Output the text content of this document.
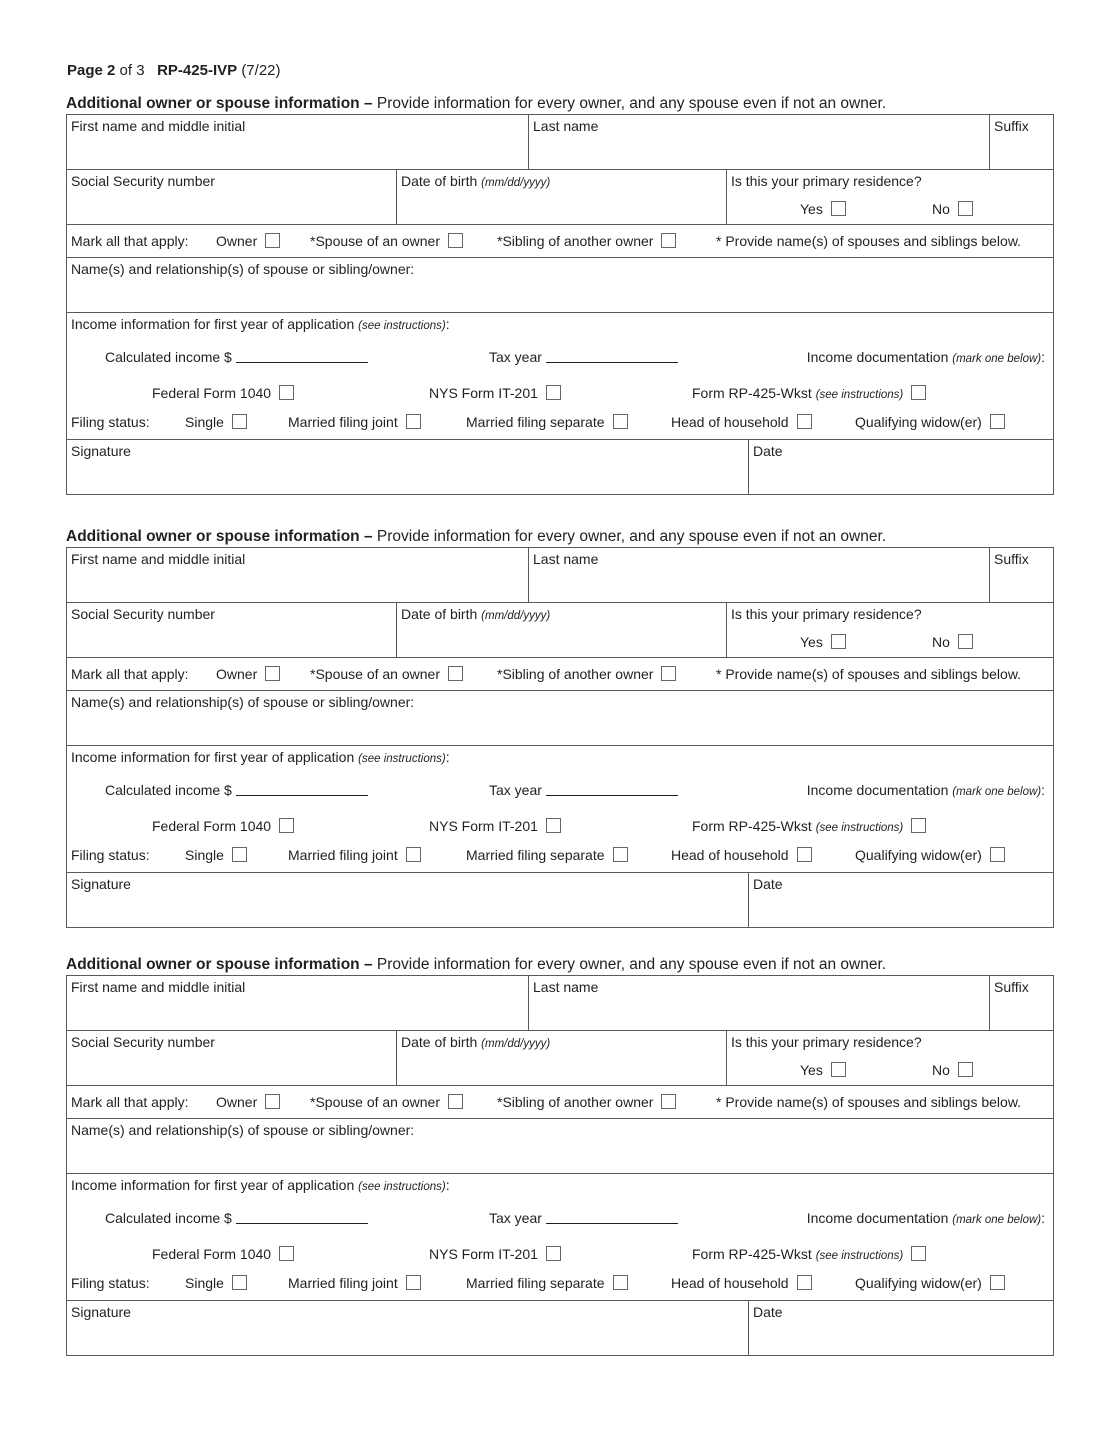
Page 2 of 3 RP-425-IVP (7/22)
Additional owner or spouse information – Provide information for every owner, and any spouse even if not an owner.
First name and middle initial	Last name	Suffix
Social Security number	Date of birth (mm/dd/yyyy)	Is this your primary residence?
Yes	No
Mark all that apply: Owner	*Spouse of an owner	*Sibling of another owner	* Provide name(s) of spouses and siblings below.
Name(s) and relationship(s) of spouse or sibling/owner:
Income information for first year of application (see instructions):
Calculated income $	Tax year	Income documentation (mark one below):
Federal Form 1040	NYS Form IT-201	Form RP-425-Wkst (see instructions)
Filing status:	Single	Married filing joint	Married filing separate	Head of household	Qualifying widow(er)
Signature	Date
Additional owner or spouse information – Provide information for every owner, and any spouse even if not an owner.
First name and middle initial	Last name	Suffix
Social Security number	Date of birth (mm/dd/yyyy)	Is this your primary residence?
Yes	No
Mark all that apply: Owner	*Spouse of an owner	*Sibling of another owner	* Provide name(s) of spouses and siblings below.
Name(s) and relationship(s) of spouse or sibling/owner:
Income information for first year of application (see instructions):
Calculated income $	Tax year	Income documentation (mark one below):
Federal Form 1040	NYS Form IT-201	Form RP-425-Wkst (see instructions)
Filing status:	Single	Married filing joint	Married filing separate	Head of household	Qualifying widow(er)
Signature	Date
Additional owner or spouse information – Provide information for every owner, and any spouse even if not an owner.
First name and middle initial	Last name	Suffix
Social Security number	Date of birth (mm/dd/yyyy)	Is this your primary residence?
Yes	No
Mark all that apply: Owner	*Spouse of an owner	*Sibling of another owner	* Provide name(s) of spouses and siblings below.
Name(s) and relationship(s) of spouse or sibling/owner:
Income information for first year of application (see instructions):
Calculated income $	Tax year	Income documentation (mark one below):
Federal Form 1040	NYS Form IT-201	Form RP-425-Wkst (see instructions)
Filing status:	Single	Married filing joint	Married filing separate	Head of household	Qualifying widow(er)
Signature	Date
